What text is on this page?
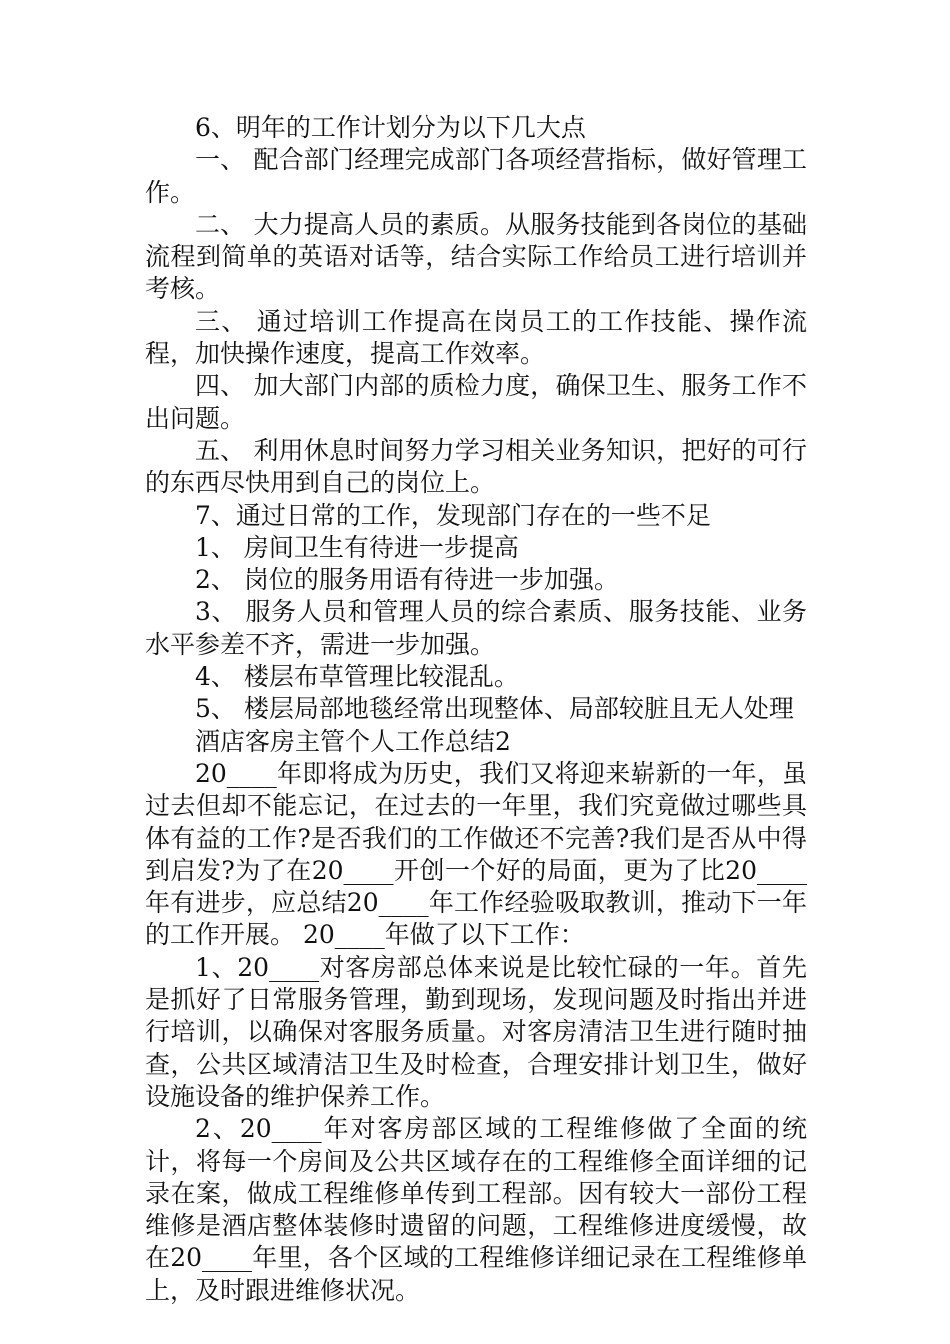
6、明年的工作计划分为以下几大点

一、 配合部门经理完成部门各项经营指标，做好管理工作。

二、 大力提高人员的素质。从服务技能到各岗位的基础流程到简单的英语对话等，结合实际工作给员工进行培训并考核。

三、 通过培训工作提高在岗员工的工作技能、操作流程，加快操作速度，提高工作效率。

四、 加大部门内部的质检力度，确保卫生、服务工作不出问题。

五、 利用休息时间努力学习相关业务知识，把好的可行的东西尽快用到自己的岗位上。

7、通过日常的工作，发现部门存在的一些不足

1、 房间卫生有待进一步提高

2、 岗位的服务用语有待进一步加强。

3、 服务人员和管理人员的综合素质、服务技能、业务水平参差不齐，需进一步加强。

4、 楼层布草管理比较混乱。

5、 楼层局部地毯经常出现整体、局部较脏且无人处理

酒店客房主管个人工作总结2

20____年即将成为历史，我们又将迎来崭新的一年，虽过去但却不能忘记，在过去的一年里，我们究竟做过哪些具体有益的工作?是否我们的工作做还不完善?我们是否从中得到启发?为了在20____开创一个好的局面，更为了比20____年有进步，应总结20____年工作经验吸取教训，推动下一年的工作开展。 20____年做了以下工作：

1、20____对客房部总体来说是比较忙碌的一年。首先是抓好了日常服务管理，勤到现场，发现问题及时指出并进行培训，以确保对客服务质量。对客房清洁卫生进行随时抽查，公共区域清洁卫生及时检查，合理安排计划卫生，做好设施设备的维护保养工作。

2、20____年对客房部区域的工程维修做了全面的统计，将每一个房间及公共区域存在的工程维修全面详细的记录在案，做成工程维修单传到工程部。因有较大一部份工程维修是酒店整体装修时遗留的问题，工程维修进度缓慢，故在20____年里，各个区域的工程维修详细记录在工程维修单上，及时跟进维修状况。
